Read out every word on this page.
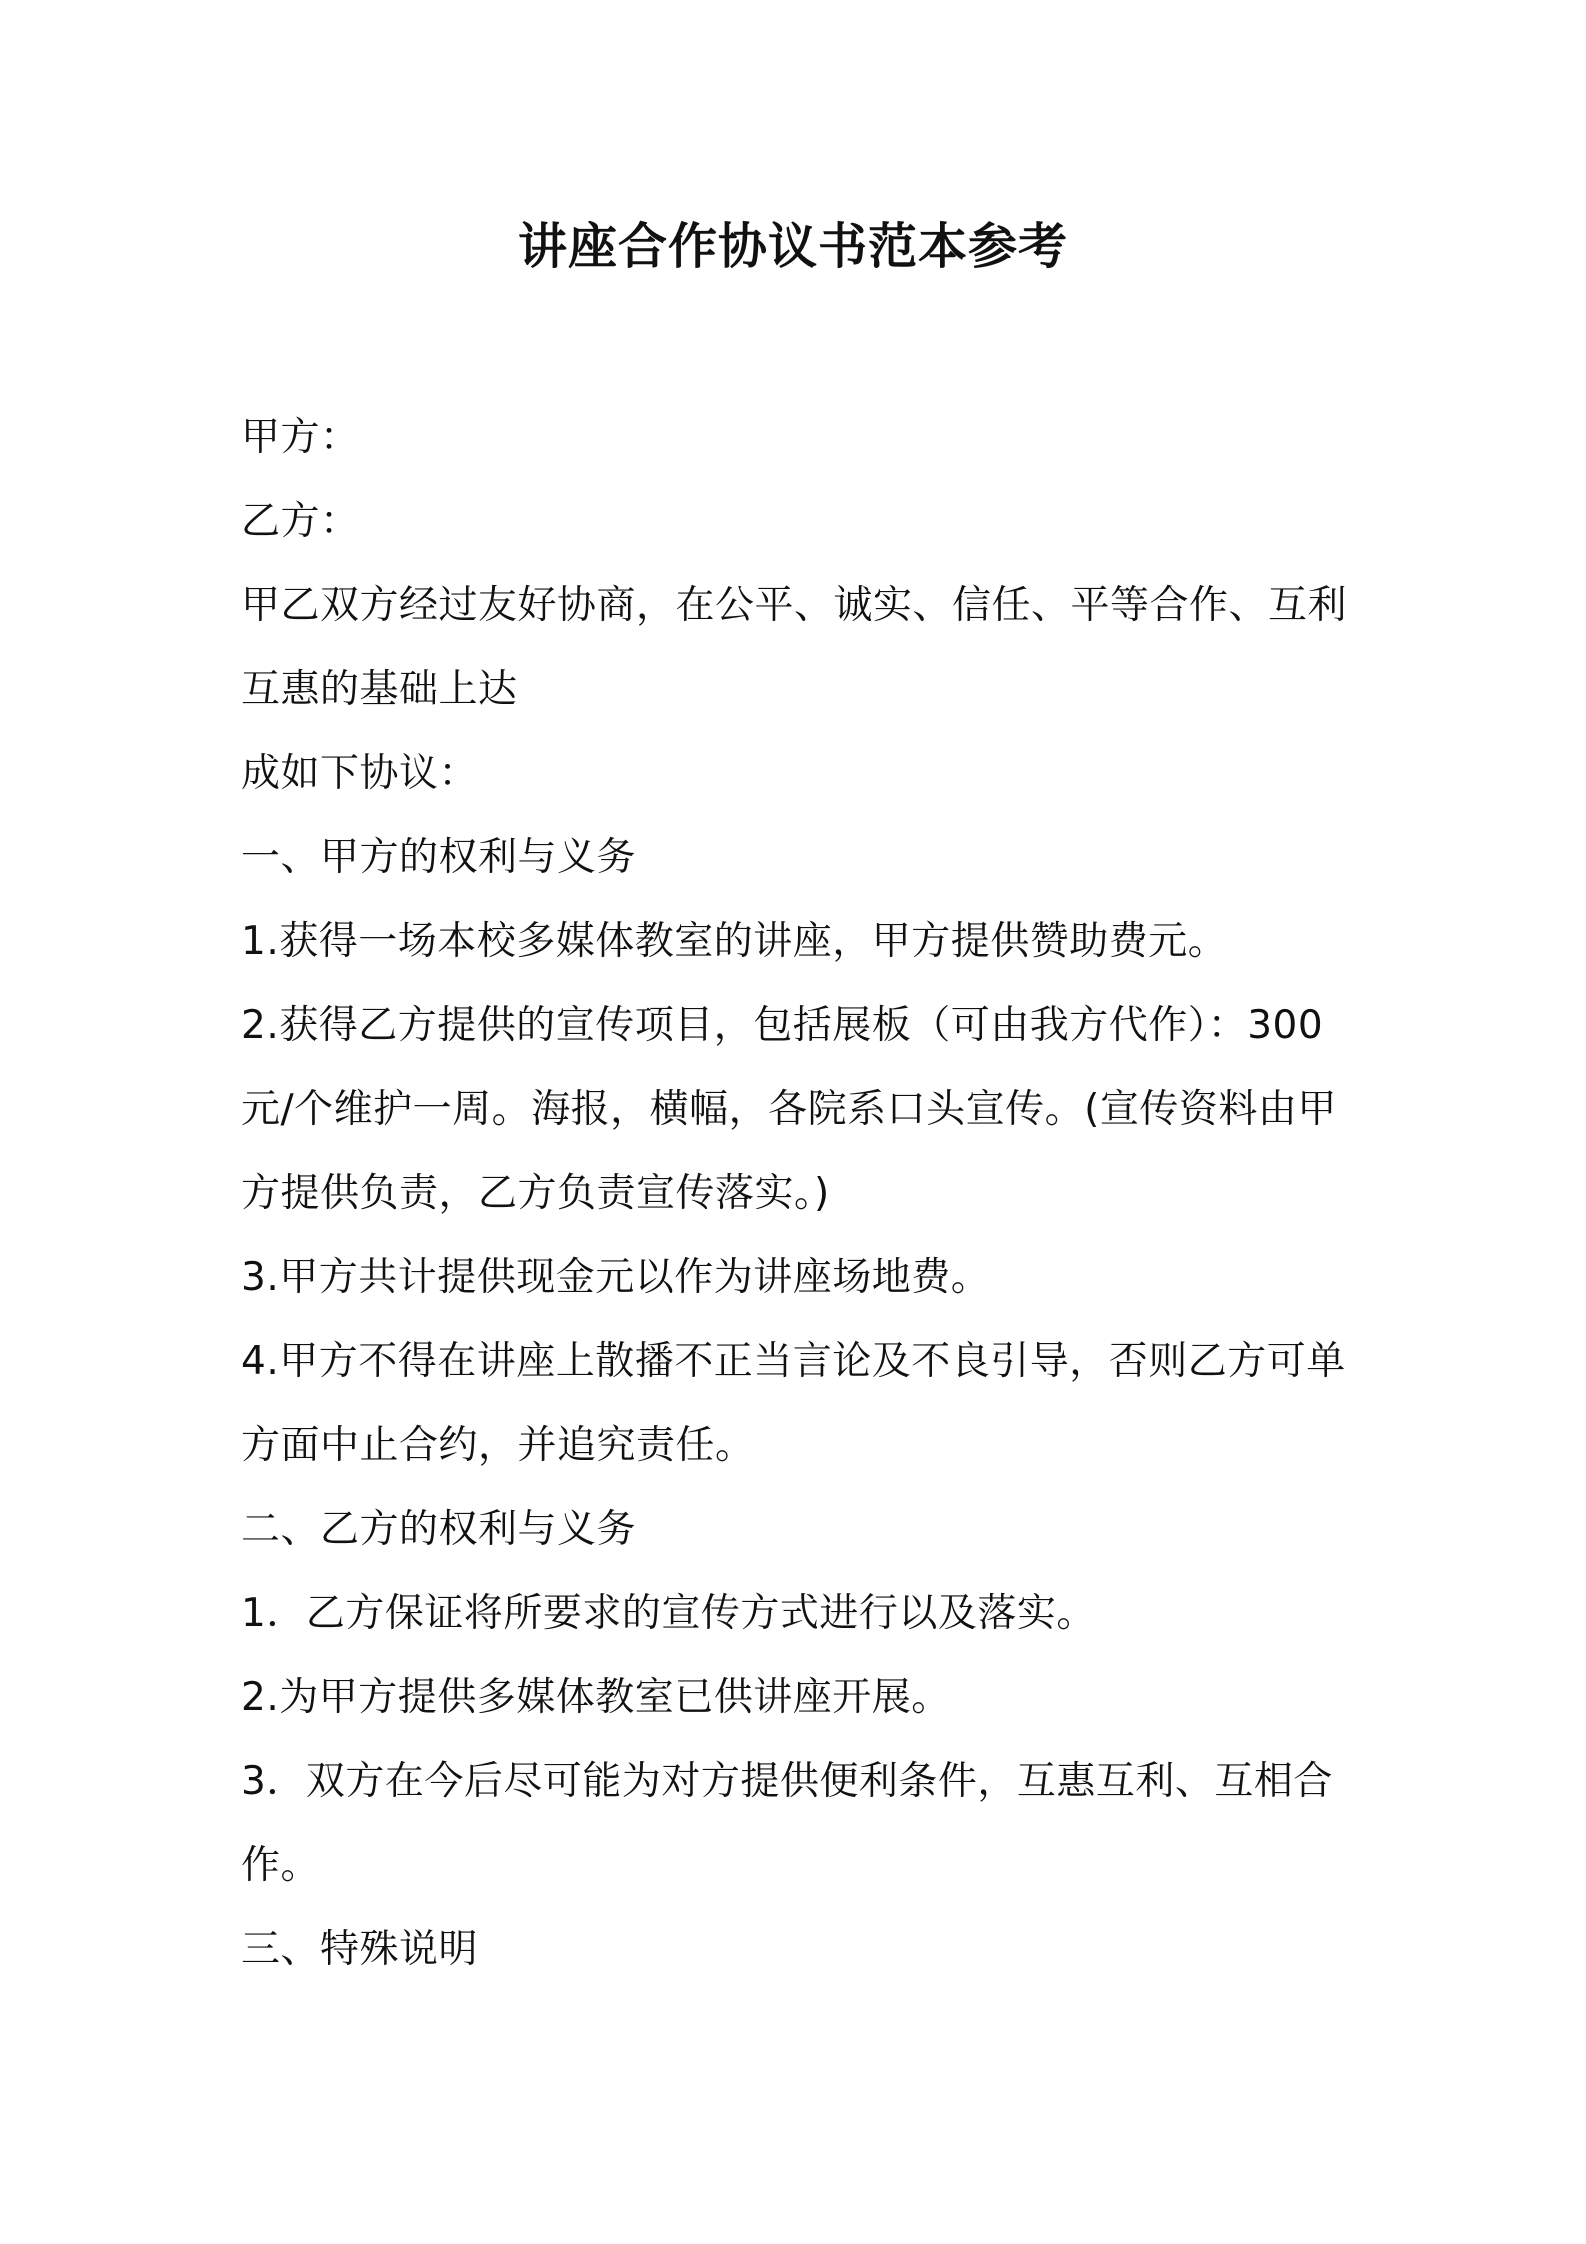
讲座合作协议书范本参考

甲方：

乙方：

甲乙双方经过友好协商，在公平、诚实、信任、平等合作、互利

互惠的基础上达

成如下协议：

一、甲方的权利与义务

1.获得一场本校多媒体教室的讲座，甲方提供赞助费元。

2.获得乙方提供的宣传项目，包括展板（可由我方代作）：300

元/个维护一周。海报，横幅，各院系口头宣传。(宣传资料由甲

方提供负责，乙方负责宣传落实。)

3.甲方共计提供现金元以作为讲座场地费。

4.甲方不得在讲座上散播不正当言论及不良引导，否则乙方可单

方面中止合约，并追究责任。

二、乙方的权利与义务

1．乙方保证将所要求的宣传方式进行以及落实。

2.为甲方提供多媒体教室已供讲座开展。

3．双方在今后尽可能为对方提供便利条件，互惠互利、互相合

作。

三、特殊说明
